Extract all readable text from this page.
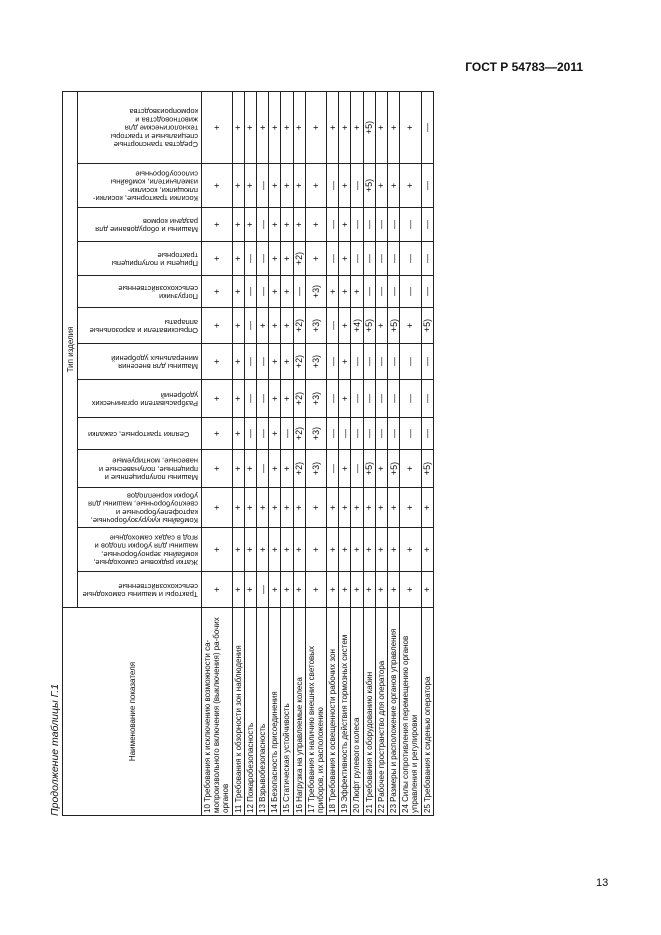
ГОСТ Р 54783—2011
Продолжение таблицы Г.1	Наименование показателя	Тип изделия												
	Тракторы и машины самоходные сельскохозяйственные	Жатки рядковые самоходные, комбайны зерноуборочные, машины для уборки плодов и ягод в садах самоходные	Комбайны кукурузоуборочные, картофелеуборочные и свеклоуборочные, машины для уборки корнеплодов	Машины полуприцепные и прицепные, полунавесные и навесные, монтируемые	Сеялки тракторные, сажалки	Разбрасыватели органических удобрений	Машины для внесения минеральных удобрений	Опрыскиватели и аэрозольные аппараты	Погрузчики сельскохозяйственные	Прицепы и полуприцепы тракторные	Машины и оборудование для раздачи кормов	Косилки тракторные, косилки-плющилки, косилки-измельчители, комбайны силосоуборочные	Средства транспортные специальные и тракторы технологические для животноводства и кормопроизводства
10 Требования к исключению возможности са-мопроизвольного включения (выключения) ра-бочих органов	+	+	+	+	+	+	+	+	+	+	+	+	+
11 Требования к обзорности зон наблюдения	+	+	+	+	+	+	+	+	+	+	+	+	+
12 Пожаробезопасность	+	+	+	+	—	—	—	—	—	—	+	+	+
13 Взрывобезопасность	—	+	+	—	—	—	—	+	—	—	—	—	+
14 Безопасность присоединения	+	+	+	+	+	+	+	+	+	+	+	+	+
15 Статическая устойчивость	+	+	+	+	—	+	+	+	+	+	+	+	+
16 Нагрузка на управляемые колеса	+	+	+	+2)	+2)	+2)	+2)	+2)	—	+2)	+	+	+
17 Требования к наличию внешних световых приборов, их расположению	+	+	+	+3)	+3)	+3)	+3)	+3)	+3)	+	+	+	+
18 Требования к освещенности рабочих зон	+	+	+	—	—	—	—	—	+	—	—	—	+
19 Эффективность действия тормозных систем	+	+	+	+	—	+	+	+	+	+	+	+	+
20 Люфт рулевого колеса	+	+	+	—	—	—	—	+4)	+	—	—	—	+
21 Требования к оборудованию кабин	+	+	+	+5)	—	—	—	+5)	—	—	—	+5)	+5)
22 Рабочее пространство для оператора	+	+	+	+	—	—	—	+	—	—	—	+	+
23 Размеры и расположение органов управления	+	+	+	+5)	—	—	—	+5)	—	—	—	+	+
24 Силы сопротивления перемещению органов управления и регулировки	+	+	+	+	—	—	—	+	—	—	—	+	+
25 Требования к сиденью оператора	+	+	+	+5)	—	—	—	+5)	—	—	—	—	—
13
